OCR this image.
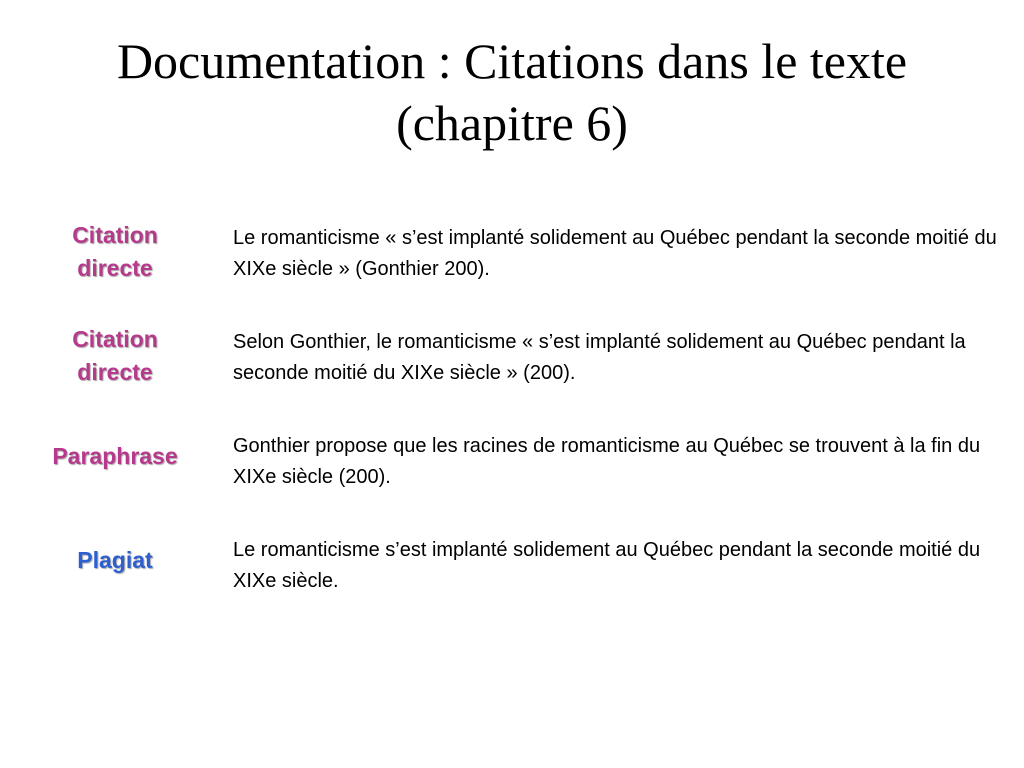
Documentation : Citations dans le texte (chapitre 6)
Citation
directe

Le romanticisme « s’est implanté solidement au Québec pendant la seconde moitié du XIXe siècle » (Gonthier 200).

Citation
directe

Selon Gonthier, le romanticisme « s’est implanté solidement au Québec pendant la seconde moitié du XIXe siècle » (200).

Paraphrase	Gonthier propose que les racines de romanticisme au Québec se trouvent à la fin du XIXe siècle (200).

Plagiat	Le romanticisme s’est implanté solidement au Québec pendant la seconde moitié du XIXe siècle.
